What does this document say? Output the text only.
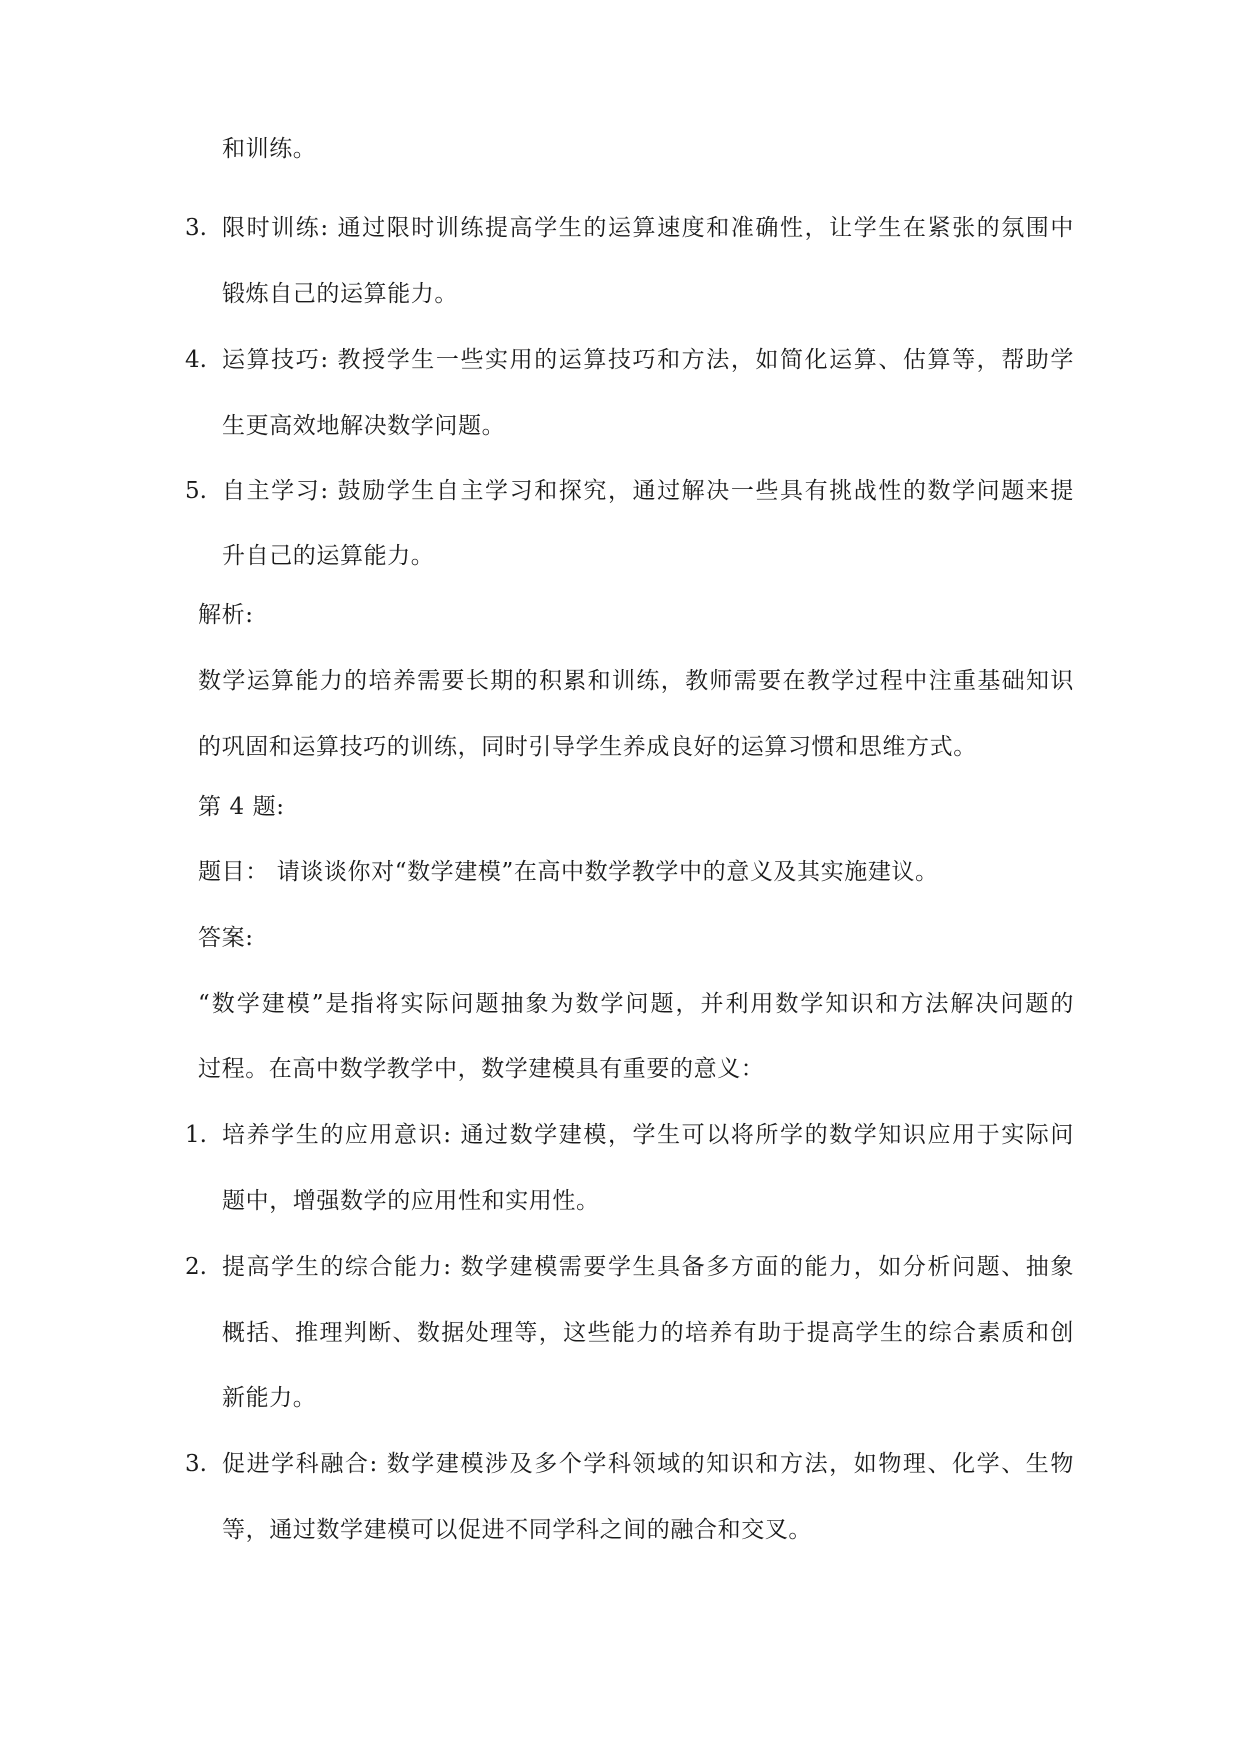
和训练。
3. 限时训练: 通过限时训练提高学生的运算速度和准确性，让学生在紧张的氛围中
锻炼自己的运算能力。
4. 运算技巧: 教授学生一些实用的运算技巧和方法，如简化运算、估算等，帮助学
生更高效地解决数学问题。
5. 自主学习: 鼓励学生自主学习和探究，通过解决一些具有挑战性的数学问题来提
升自己的运算能力。
解析:
数学运算能力的培养需要长期的积累和训练，教师需要在教学过程中注重基础知识
的巩固和运算技巧的训练，同时引导学生养成良好的运算习惯和思维方式。
第 4 题:
题目： 请谈谈你对“数学建模”在高中数学教学中的意义及其实施建议。
答案:
“数学建模”是指将实际问题抽象为数学问题，并利用数学知识和方法解决问题的
过程。在高中数学教学中，数学建模具有重要的意义：
1. 培养学生的应用意识: 通过数学建模，学生可以将所学的数学知识应用于实际问
题中，增强数学的应用性和实用性。
2. 提高学生的综合能力: 数学建模需要学生具备多方面的能力，如分析问题、抽象
概括、推理判断、数据处理等，这些能力的培养有助于提高学生的综合素质和创
新能力。
3. 促进学科融合: 数学建模涉及多个学科领域的知识和方法，如物理、化学、生物
等，通过数学建模可以促进不同学科之间的融合和交叉。
